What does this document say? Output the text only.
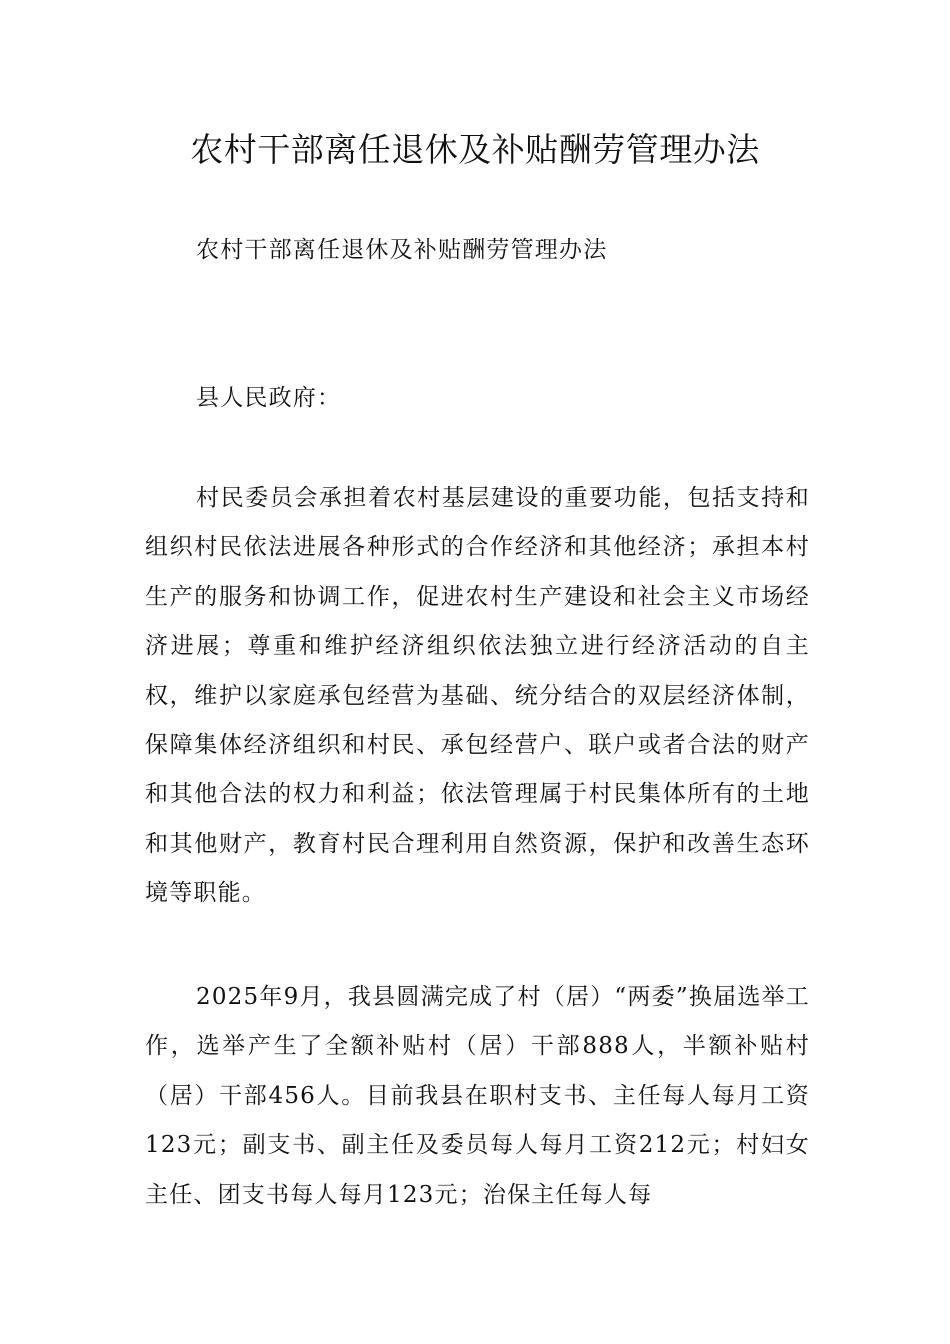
农村干部离任退休及补贴酬劳管理办法

农村干部离任退休及补贴酬劳管理办法

县人民政府：

村民委员会承担着农村基层建设的重要功能，包括支持和组织村民依法进展各种形式的合作经济和其他经济；承担本村生产的服务和协调工作，促进农村生产建设和社会主义市场经济进展；尊重和维护经济组织依法独立进行经济活动的自主权，维护以家庭承包经营为基础、统分结合的双层经济体制，保障集体经济组织和村民、承包经营户、联户或者合法的财产和其他合法的权力和利益；依法管理属于村民集体所有的土地和其他财产，教育村民合理利用自然资源，保护和改善生态环境等职能。

2025年9月，我县圆满完成了村（居）“两委”换届选举工作，选举产生了全额补贴村（居）干部888人，半额补贴村（居）干部456人。目前我县在职村支书、主任每人每月工资123元；副支书、副主任及委员每人每月工资212元；村妇女主任、团支书每人每月123元；治保主任每人每
